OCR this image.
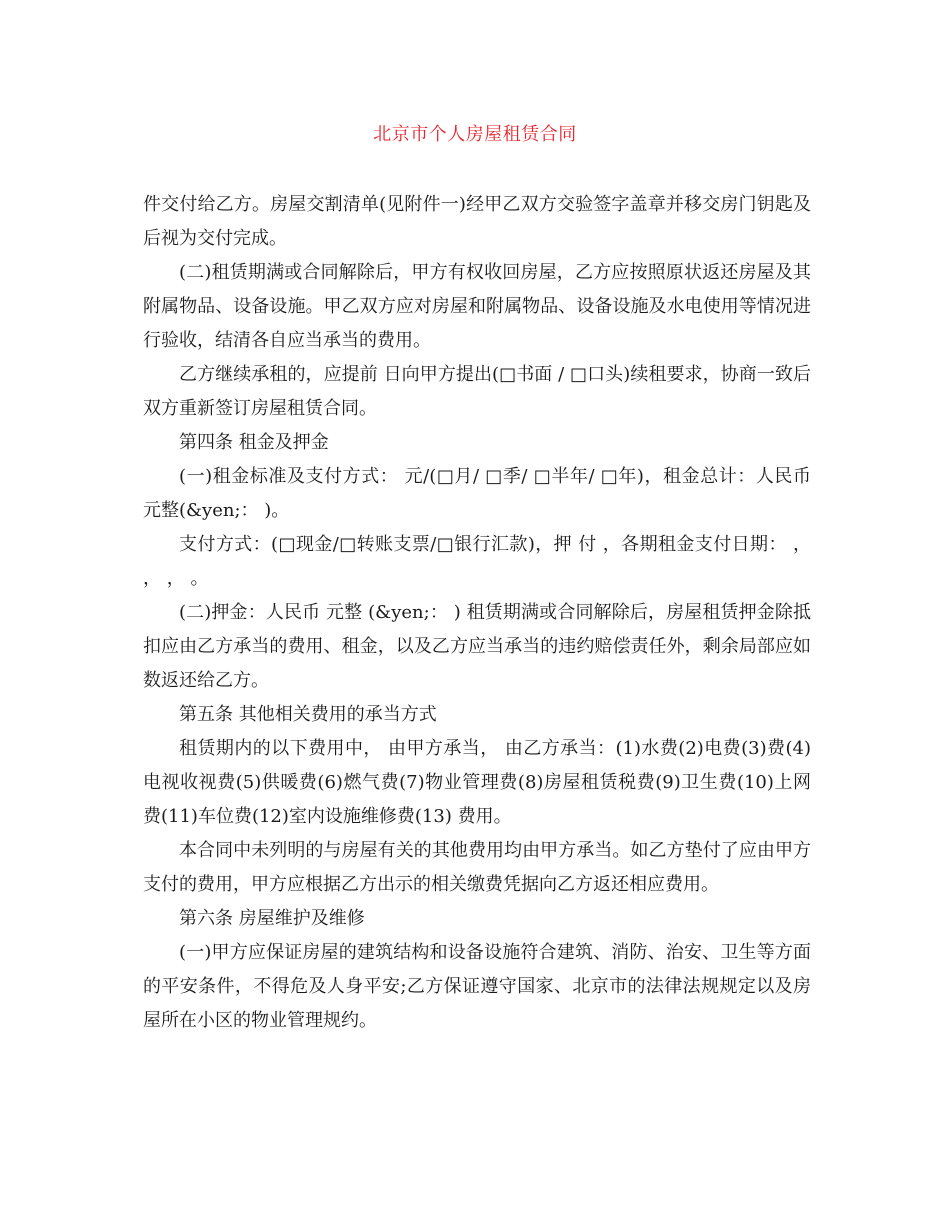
北京市个人房屋租赁合同

件交付给乙方。房屋交割清单(见附件一)经甲乙双方交验签字盖章并移交房门钥匙及 后视为交付完成。

(二)租赁期满或合同解除后，甲方有权收回房屋，乙方应按照原状返还房屋及其附属物品、设备设施。甲乙双方应对房屋和附属物品、设备设施及水电使用等情况进行验收，结清各自应当承当的费用。

乙方继续承租的，应提前 日向甲方提出(□书面 / □口头)续租要求，协商一致后双方重新签订房屋租赁合同。

第四条 租金及押金

(一)租金标准及支付方式： 元/(□月/ □季/ □半年/ □年)，租金总计：人民币 元整(&yen;： )。

支付方式：(□现金/□转账支票/□银行汇款)，押 付 ，各期租金支付日期： ， ， ， 。

(二)押金：人民币 元整 (&yen;： ) 租赁期满或合同解除后，房屋租赁押金除抵扣应由乙方承当的费用、租金，以及乙方应当承当的违约赔偿责任外，剩余局部应如数返还给乙方。

第五条 其他相关费用的承当方式

租赁期内的以下费用中， 由甲方承当， 由乙方承当：(1)水费(2)电费(3)费(4)电视收视费(5)供暖费(6)燃气费(7)物业管理费(8)房屋租赁税费(9)卫生费(10)上网费(11)车位费(12)室内设施维修费(13) 费用。

本合同中未列明的与房屋有关的其他费用均由甲方承当。如乙方垫付了应由甲方支付的费用，甲方应根据乙方出示的相关缴费凭据向乙方返还相应费用。

第六条 房屋维护及维修

(一)甲方应保证房屋的建筑结构和设备设施符合建筑、消防、治安、卫生等方面的平安条件，不得危及人身平安;乙方保证遵守国家、北京市的法律法规规定以及房屋所在小区的物业管理规约。
